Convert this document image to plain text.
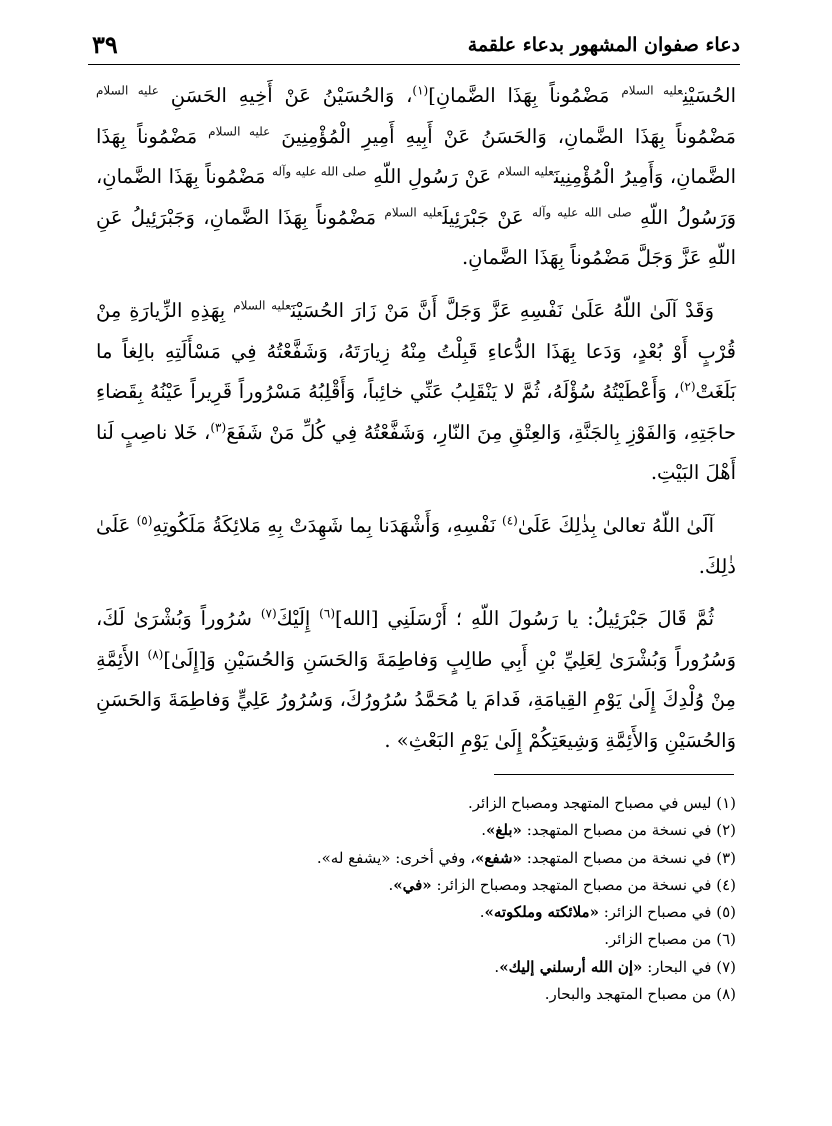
٣٩	دعاء صفوان المشهور بدعاء علقمة

الحُسَيْنِ$^{عليه السلام}$ مَضْمُوناً بِهَذَا الضَّمانِ]$^{(١)}$، وَالحُسَيْنُ عَنْ أَخِيهِ الحَسَنِ $^{عليه السلام}$ مَضْمُوناً بِهَذَا الضَّمانِ، وَالحَسَنُ عَنْ أَبِيهِ أَمِيرِ الْمُؤْمِنِينَ $^{عليه السلام}$ مَضْمُوناً بِهَذَا الضَّمانِ، وَأَمِيرُ الْمُؤْمِنِينَ$^{عليه السلام}$ عَنْ رَسُولِ اللّهِ $^{صلى الله عليه وآله}$ مَضْمُوناً بِهَذَا الضَّمانِ، وَرَسُولُ اللّهِ $^{صلى الله عليه وآله}$ عَنْ جَبْرَئِيلَ$^{عليه السلام}$ مَضْمُوناً بِهَذَا الضَّمانِ، وَجَبْرَئِيلُ عَنِ اللّهِ عَزَّ وَجَلَّ مَضْمُوناً بِهَذَا الضَّمانِ.

وَقَدْ آلَىٰ اللّهُ عَلَىٰ نَفْسِهِ عَزَّ وَجَلَّ أَنَّ مَنْ زَارَ الحُسَيْنَ$^{عليه السلام}$ بِهَذِهِ الزِّيارَةِ مِنْ قُرْبٍ أَوْ بُعْدٍ، وَدَعا بِهَذَا الدُّعاءِ قَبِلْتُ مِنْهُ زِيارَتَهُ، وَشَفَّعْتُهُ فِي مَسْأَلَتِهِ بالِغاً ما بَلَغَتْ$^{(٢)}$، وَأَعْطَيْتُهُ سُؤْلَهُ، ثُمَّ لا يَنْقَلِبُ عَنِّي خائِباً، وَأَقْلِبُهُ مَسْرُوراً قَرِيراً عَيْنُهُ بِقَضاءِ حاجَتِهِ، وَالفَوْزِ بِالجَنَّةِ، وَالعِتْقِ مِنَ النّارِ، وَشَفَّعْتُهُ فِي كُلِّ مَنْ شَفَعَ$^{(٣)}$، خَلا ناصِبٍ لَنا أَهْلَ البَيْتِ.

آلَىٰ اللّهُ تعالىٰ بِذٰلِكَ عَلَىٰ$^{(٤)}$ نَفْسِهِ، وَأَشْهَدَنا بِما شَهِدَتْ بِهِ مَلائِكَةُ مَلَكُوتِهِ$^{(٥)}$ عَلَىٰ ذٰلِكَ.

ثُمَّ قَالَ جَبْرَئِيلُ: يا رَسُولَ اللّهِ ؛ أَرْسَلَنِي [الله]$^{(٦)}$ إِلَيْكَ$^{(٧)}$ سُرُوراً وَبُشْرَىٰ لَكَ، وَسُرُوراً وَبُشْرَىٰ لِعَلِيِّ بْنِ أَبِي طالِبٍ وَفاطِمَةَ وَالحَسَنِ وَالحُسَيْنِ وَ[إِلَىٰ]$^{(٨)}$ الأَئِمَّةِ مِنْ وُلْدِكَ إِلَىٰ يَوْمِ القِيامَةِ، فَدامَ يا مُحَمَّدُ سُرُورُكَ، وَسُرُورُ عَلِيٍّ وَفاطِمَةَ وَالحَسَنِ وَالحُسَيْنِ وَالأَئِمَّةِ وَشِيعَتِكُمْ إِلَىٰ يَوْمِ البَعْثِ» .

(١) ليس في مصباح المتهجد ومصباح الزائر.
(٢) في نسخة من مصباح المتهجد: «بلغ».
(٣) في نسخة من مصباح المتهجد: «شفع»، وفي أخرى: «يشفع له».
(٤) في نسخة من مصباح المتهجد ومصباح الزائر: «في».
(٥) في مصباح الزائر: «ملائكته وملكوته».
(٦) من مصباح الزائر.
(٧) في البحار: «إن الله أرسلني إليك».
(٨) من مصباح المتهجد والبحار.
